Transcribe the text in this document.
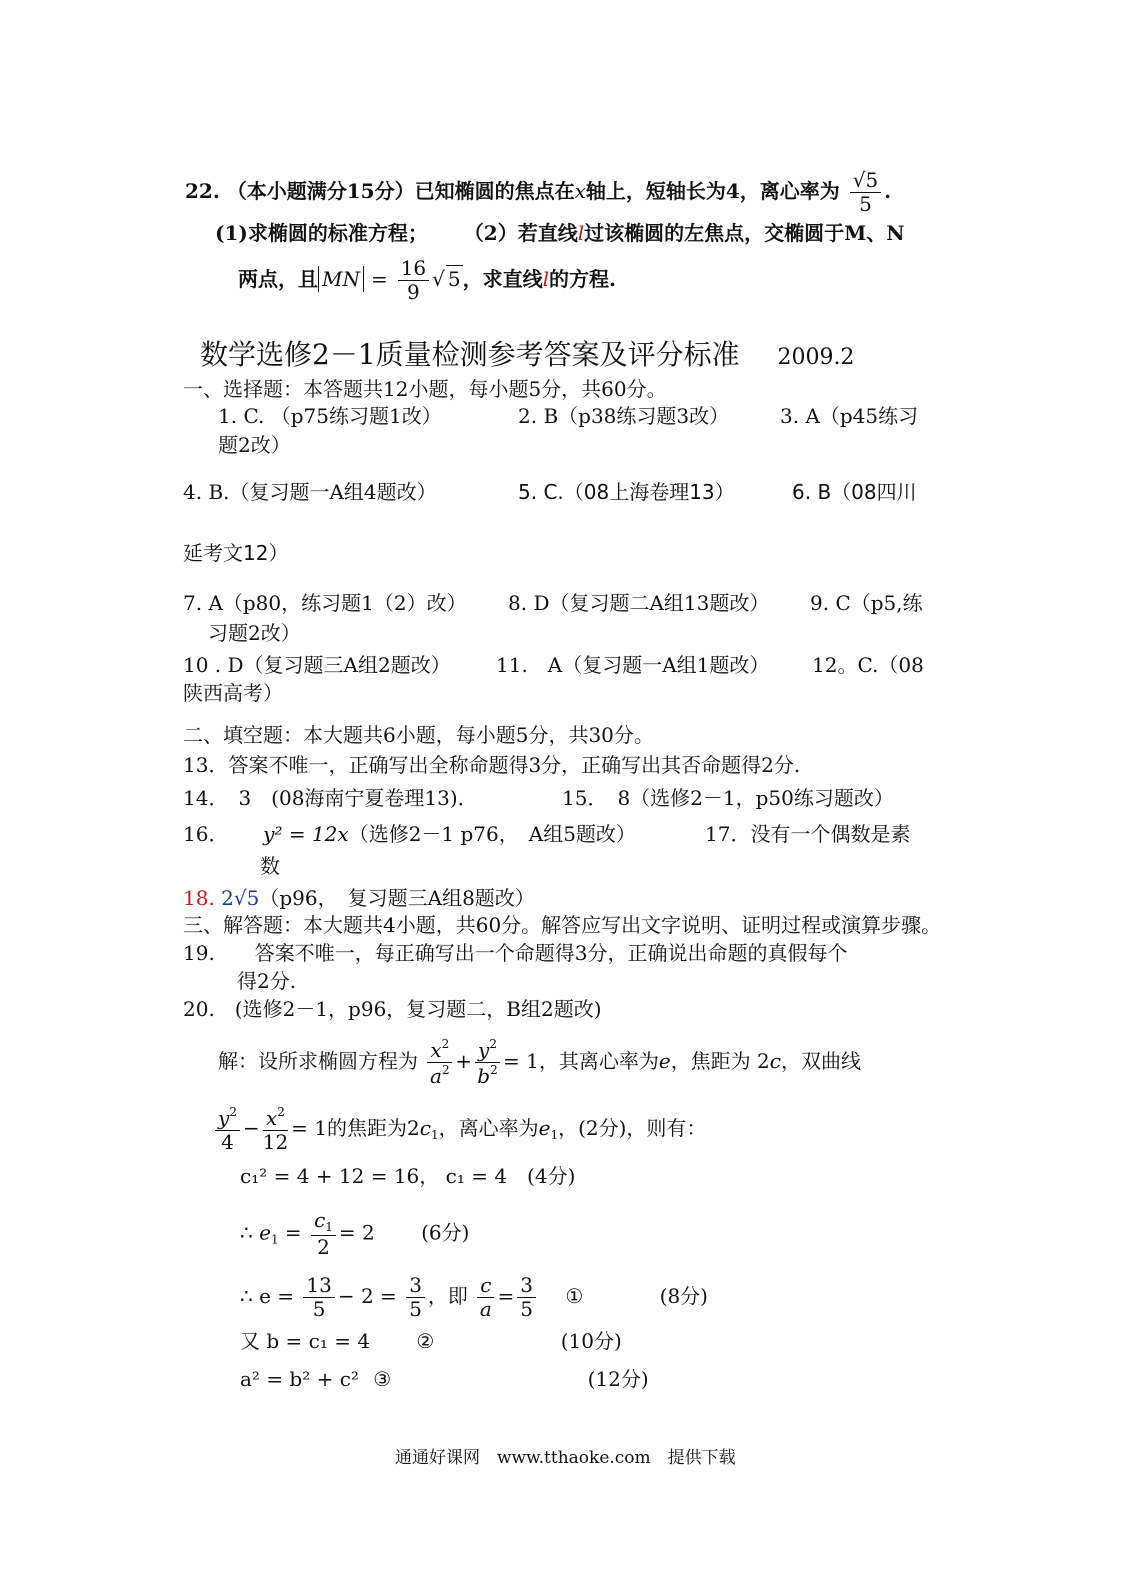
22. （本小题满分15分）已知椭圆的焦点在x轴上，短轴长为4，离心率为 $\frac{√5}{5}$ .
(1)求椭圆的标准方程； （2）若直线l过该椭圆的左焦点，交椭圆于M、N
两点，且 MN = $\frac{16}{9}$ √ 5 ，求直线l的方程.
数学选修2－1质量检测参考答案及评分标准 2009.2
一、选择题：本答题共12小题，每小题5分，共60分。
1. C. （p75练习题1改）	2. B（p38练习题3改）	3. A（p45练习
题2改）
4. B.（复习题一A组4题改）	5. C.（08上海卷理13）	6. B（08四川
延考文12）
7. A（p80，练习题1（2）改） 8. D（复习题二A组13题改） 9. C（p5,练
习题2改）
10 . D（复习题三A组2题改） 11.　A（复习题一A组1题改） 12。C.（08
陕西高考）
二、填空题：本大题共6小题，每小题5分，共30分。
13．答案不唯一，正确写出全称命题得3分，正确写出其否命题得2分.
14．　3　(08海南宁夏卷理13)．	15．　8（选修2－1，p50练习题改）
16． y² = 12x（选修2－1 p76，　A组5题改）	17．没有一个偶数是素
数
18. 2√5（p96，　复习题三A组8题改）
三、解答题：本大题共4小题，共60分。解答应写出文字说明、证明过程或演算步骤。
19.　　答案不唯一，每正确写出一个命题得3分，正确说出命题的真假每个
得2分.
20.　(选修2－1，p96，复习题二，B组2题改)
解：设所求椭圆方程为 $\frac{x^2}{a^2} + \frac{y^2}{b^2} = 1$，其离心率为e，焦距为 2c，双曲线
$\frac{y^2}{4} - \frac{x^2}{12} = 1$的焦距为$2c_1$，离心率为$e_1$，(2分)，则有：
c₁² = 4 + 12 = 16， c₁ = 4　(4分)
∴ $e_1 = \frac{c_1}{2} = 2$ (6分)
∴ $e = \frac{13}{5} - 2 = \frac{3}{5}$ ，即 $\frac{c}{a} = \frac{3}{5}$ ①	(8分)
又 b = c₁ = 4 ②	(10分)
a² = b² + c² ③	(12分)
通通好课网　www.tthaoke.com　提供下载
